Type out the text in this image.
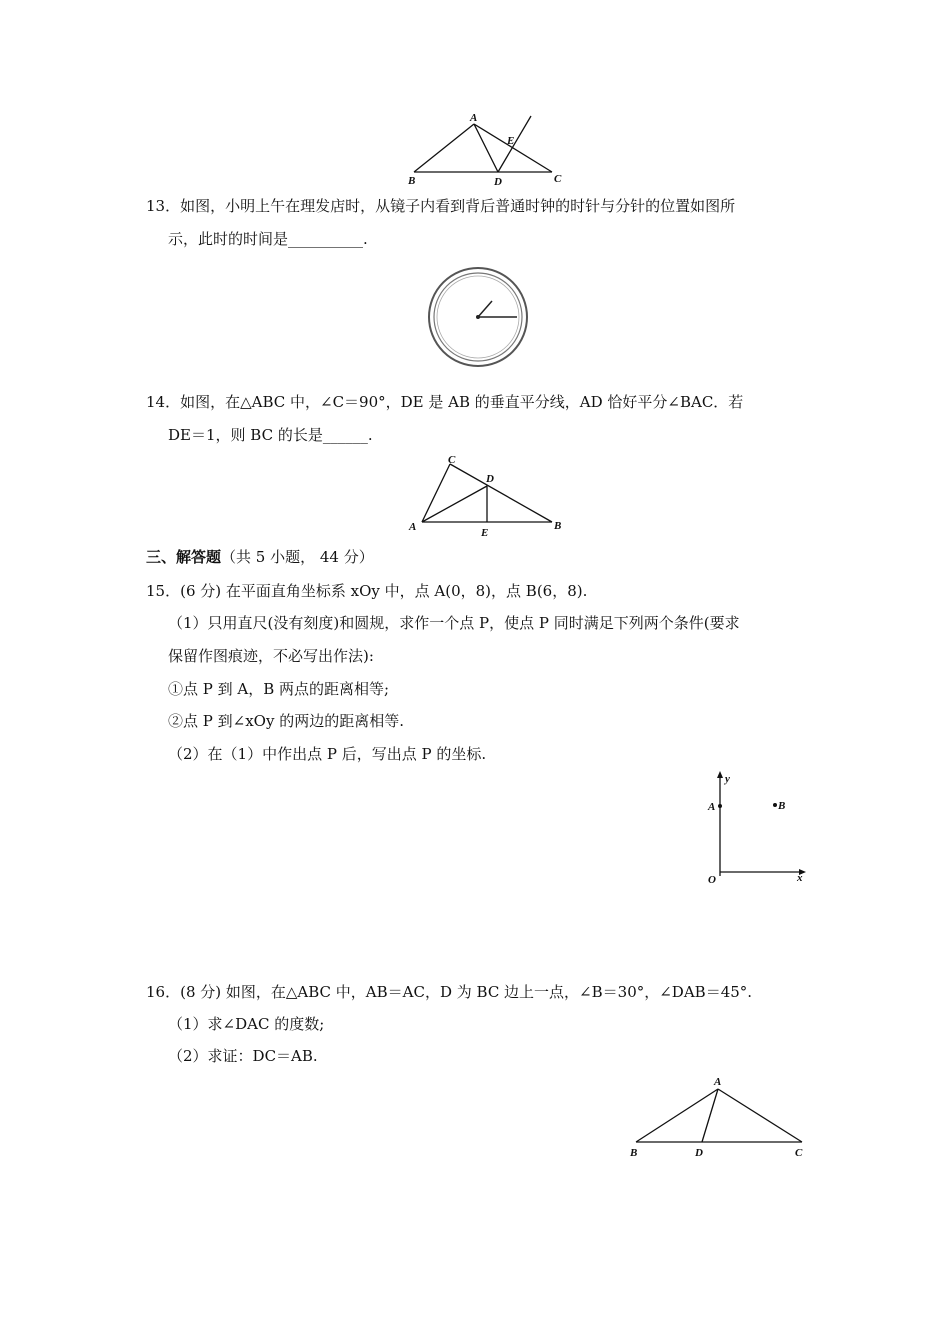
A
B	C
D
E
13．如图，小明上午在理发店时，从镜子内看到背后普通时钟的时针与分针的位置如图所
示，此时的时间是__________.
14．如图，在△ABC 中，∠C＝90°，DE 是 AB 的垂直平分线，AD 恰好平分∠BAC．若
DE＝1，则 BC 的长是______.
C
D
A	B
E
三、解答题（共 5 小题， 44 分）
15．(6 分) 在平面直角坐标系 xOy 中，点 A(0，8)，点 B(6，8).
（1）只用直尺(没有刻度)和圆规，求作一个点 P，使点 P 同时满足下列两个条件(要求
保留作图痕迹，不必写出作法):
①点 P 到 A，B 两点的距离相等;
②点 P 到∠xOy 的两边的距离相等.
（2）在（1）中作出点 P 后，写出点 P 的坐标.
y
x
O
A	B
16．(8 分) 如图，在△ABC 中，AB＝AC，D 为 BC 边上一点，∠B＝30°，∠DAB＝45°.
（1）求∠DAC 的度数;
（2）求证：DC＝AB.
A
B	D	C
